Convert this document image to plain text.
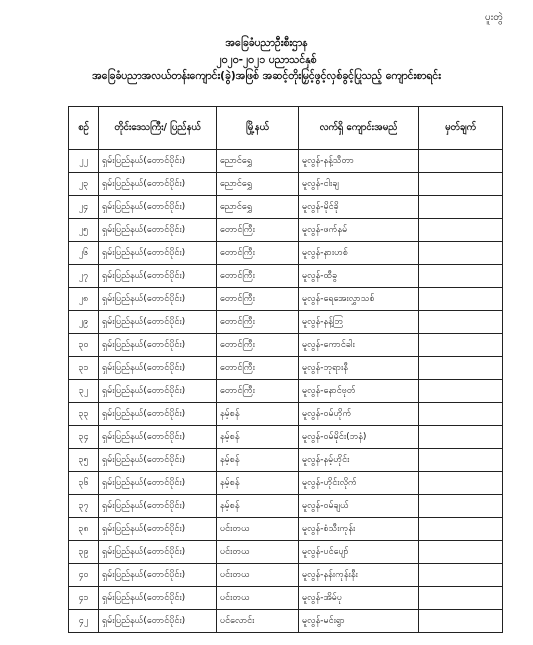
ပူးတွဲ
အခြေခံပညာဦးစီးဌာန
၂၀၂၀-၂၀၂၁ ပညာသင်နှစ်
အခြေခံပညာအလယ်တန်းကျောင်း(ခွဲ)အဖြစ် အဆင့်တိုးမြှင့်ဖွင့်လှစ်ခွင့်ပြုသည့် ကျောင်းစာရင်း
စဉ်	တိုင်းဒေသကြီး/ ပြည်နယ်	မြို့နယ်	လက်ရှိ ကျောင်းအမည်	မှတ်ချက်
၂၂	ရှမ်းပြည်နယ်(တောင်ပိုင်း)	ညောင်ရွှေ	မူလွန်-နန့်သီတာ	
၂၃	ရှမ်းပြည်နယ်(တောင်ပိုင်း)	ညောင်ရွှေ	မူလွန်-ငါးချ	
၂၄	ရှမ်းပြည်နယ်(တောင်ပိုင်း)	ညောင်ရွှေ	မူလွန်-မိုင်ခို	
၂၅	ရှမ်းပြည်နယ်(တောင်ပိုင်း)	တောင်ကြီး	မူလွန်-ဖက်နမ်	
၂၆	ရှမ်းပြည်နယ်(တောင်ပိုင်း)	တောင်ကြီး	မူလွန်-နားဟစ်	
၂၇	ရှမ်းပြည်နယ်(တောင်ပိုင်း)	တောင်ကြီး	မူလွန်-ထီခွ	
၂၈	ရှမ်းပြည်နယ်(တောင်ပိုင်း)	တောင်ကြီး	မူလွန်-ရေအေးလွှာသစ်	
၂၉	ရှမ်းပြည်နယ်(တောင်ပိုင်း)	တောင်ကြီး	မူလွန်-နန့်ဘြ	
၃၀	ရှမ်းပြည်နယ်(တောင်ပိုင်း)	တောင်ကြီး	မူလွန်-ကောင်ခါး	
၃၁	ရှမ်းပြည်နယ်(တောင်ပိုင်း)	တောင်ကြီး	မူလွန်-ဘုရားနီ	
၃၂	ရှမ်းပြည်နယ်(တောင်ပိုင်း)	တောင်ကြီး	မူလွန်-နောင်ဗုတ်	
၃၃	ရှမ်းပြည်နယ်(တောင်ပိုင်း)	နမ့်စန်	မူလွန်-ဝမ်ဟိုက်	
၃၄	ရှမ်းပြည်နယ်(တောင်ပိုင်း)	နမ့်စန်	မူလွန်-ဝမ်မိုင်း(ဘနံ)	
၃၅	ရှမ်းပြည်နယ်(တောင်ပိုင်း)	နမ့်စန်	မူလွန်-နမ့်ဟိုင်း	
၃၆	ရှမ်းပြည်နယ်(တောင်ပိုင်း)	နမ့်စန်	မူလွန်-ဟိုင်းလိုက်	
၃၇	ရှမ်းပြည်နယ်(တောင်ပိုင်း)	နမ့်စန်	မူလွန်-ဝမ်ချယ်	
၃၈	ရှမ်းပြည်နယ်(တောင်ပိုင်း)	ပင်းတယ	မူလွန်-စံသီးကုန်း	
၃၉	ရှမ်းပြည်နယ်(တောင်ပိုင်း)	ပင်းတယ	မူလွန်-ပင်ပျော်	
၄၀	ရှမ်းပြည်နယ်(တောင်ပိုင်း)	ပင်းတယ	မူလွန်-နန်းကုန်းနီး	
၄၁	ရှမ်းပြည်နယ်(တောင်ပိုင်း)	ပင်းတယ	မူလွန်-အိမ်ပု	
၄၂	ရှမ်းပြည်နယ်(တောင်ပိုင်း)	ပင်လောင်း	မူလွန်-မင်းရွာ	
